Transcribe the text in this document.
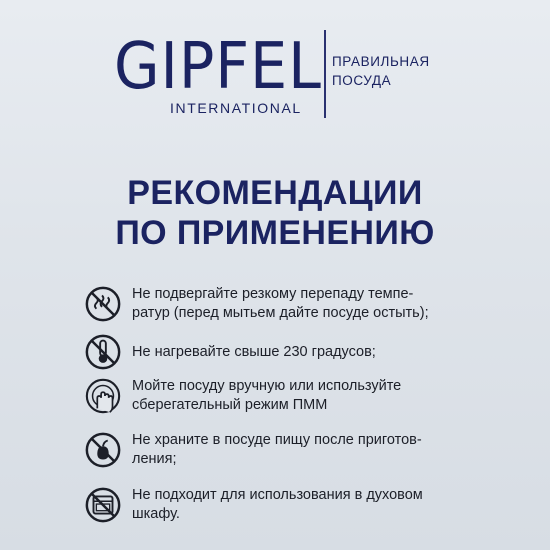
GIPFEL
INTERNATIONAL
ПРАВИЛЬНАЯ
ПОСУДА
РЕКОМЕНДАЦИИ
ПО ПРИМЕНЕНИЮ
Не подвергайте резкому перепаду темпе-
ратур (перед мытьем дайте посуде остыть);
Не нагревайте свыше 230 градусов;
Мойте посуду вручную или используйте
сберегательный режим ПММ
Не храните в посуде пищу после приготов-
ления;
Не подходит для использования в духовом
шкафу.
